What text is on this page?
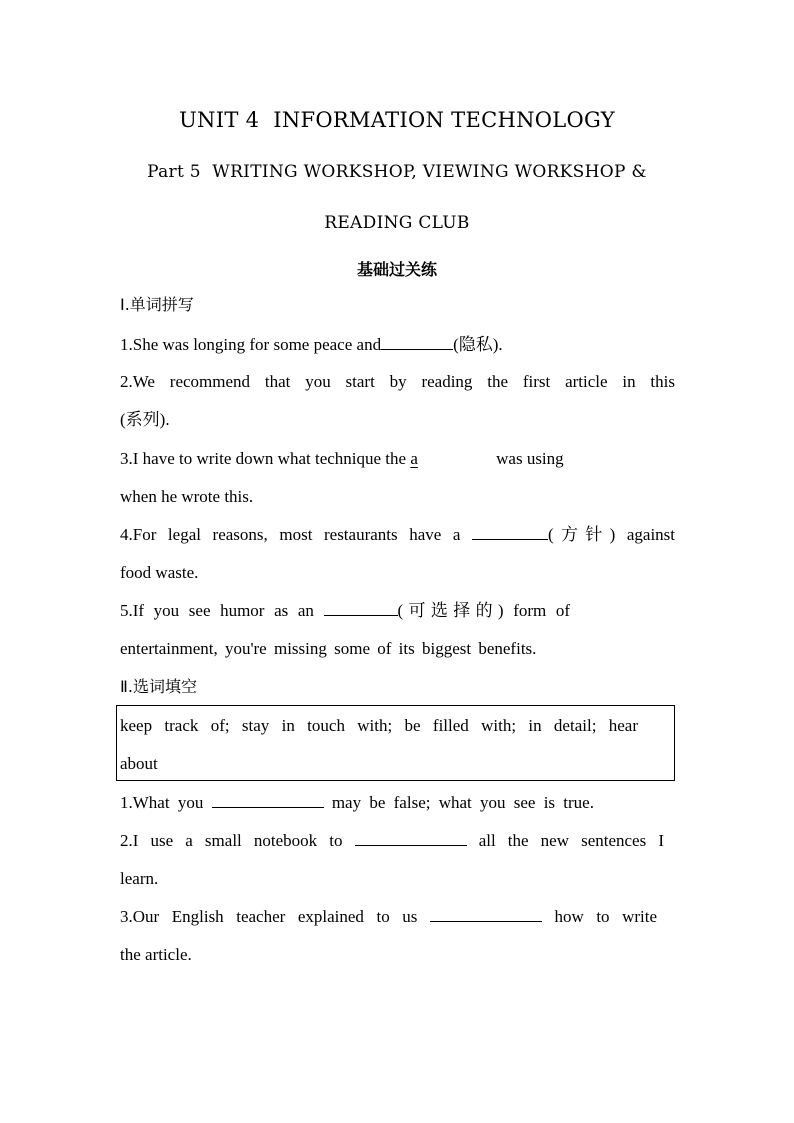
UNIT 4  INFORMATION TECHNOLOGY
Part 5  WRITING WORKSHOP, VIEWING WORKSHOP &
READING CLUB
基础过关练
Ⅰ.单词拼写
1.She was longing for some peace and	(隐私).
2.We recommend that you start by reading the first article in this
(系列).
3.I have to write down what technique the a	was using
when he wrote this.
4.For legal reasons, most restaurants have a	(方针) against
food waste.
5.If you see humor as an	(可选择的) form of
entertainment, you're missing some of its biggest benefits.
Ⅱ.选词填空
keep track of; stay in touch with; be filled with; in detail; hear
about
1.What you	may be false; what you see is true.
2.I use a small notebook to	all the new sentences I
learn.
3.Our English teacher explained to us	how to write
the article.
